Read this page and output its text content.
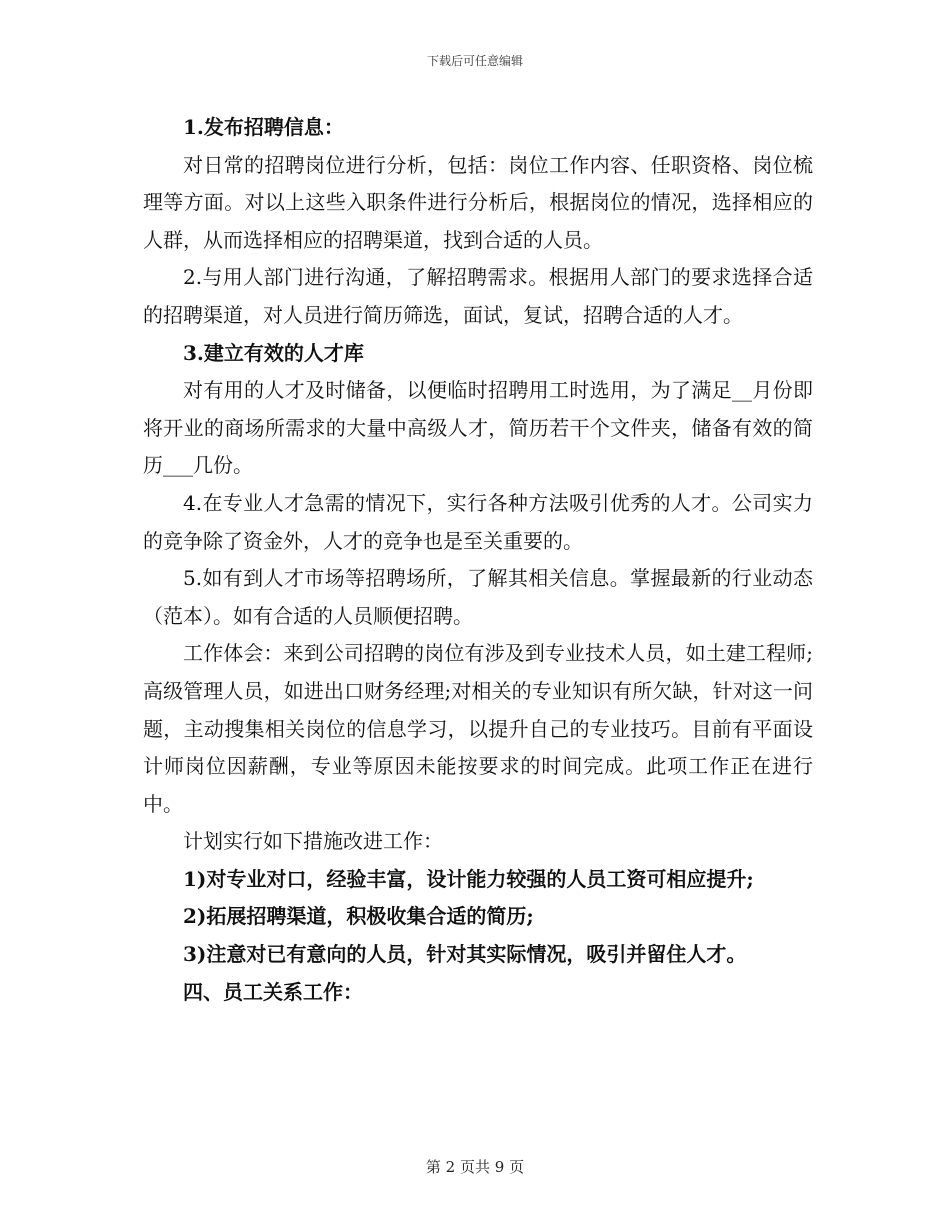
下载后可任意编辑

1.发布招聘信息：

对日常的招聘岗位进行分析，包括：岗位工作内容、任职资格、岗位梳理等方面。对以上这些入职条件进行分析后，根据岗位的情况，选择相应的人群，从而选择相应的招聘渠道，找到合适的人员。

2.与用人部门进行沟通，了解招聘需求。根据用人部门的要求选择合适的招聘渠道，对人员进行简历筛选，面试，复试，招聘合适的人才。

3.建立有效的人才库

对有用的人才及时储备，以便临时招聘用工时选用，为了满足__月份即将开业的商场所需求的大量中高级人才，简历若干个文件夹，储备有效的简历___几份。

4.在专业人才急需的情况下，实行各种方法吸引优秀的人才。公司实力的竞争除了资金外，人才的竞争也是至关重要的。

5.如有到人才市场等招聘场所，了解其相关信息。掌握最新的行业动态（范本）。如有合适的人员顺便招聘。

工作体会：来到公司招聘的岗位有涉及到专业技术人员，如土建工程师;高级管理人员，如进出口财务经理;对相关的专业知识有所欠缺，针对这一问题，主动搜集相关岗位的信息学习，以提升自己的专业技巧。目前有平面设计师岗位因薪酬，专业等原因未能按要求的时间完成。此项工作正在进行中。

计划实行如下措施改进工作：

1)对专业对口，经验丰富，设计能力较强的人员工资可相应提升;

2)拓展招聘渠道，积极收集合适的简历;

3)注意对已有意向的人员，针对其实际情况，吸引并留住人才。

四、员工关系工作：

第 2 页共 9 页
